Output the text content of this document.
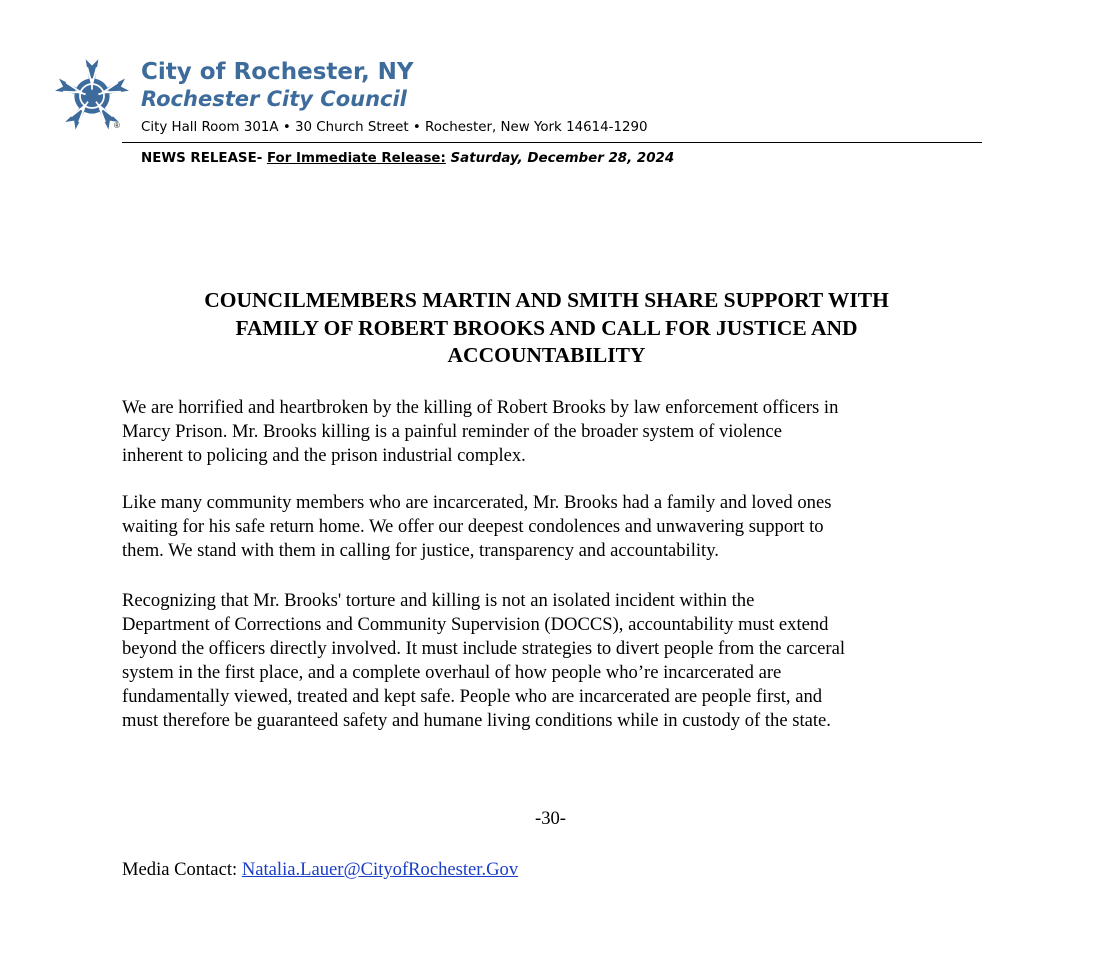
®
City of Rochester, NY
Rochester City Council
City Hall Room 301A • 30 Church Street • Rochester, New York 14614-1290
NEWS RELEASE- For Immediate Release: Saturday, December 28, 2024
COUNCILMEMBERS MARTIN AND SMITH SHARE SUPPORT WITH
FAMILY OF ROBERT BROOKS AND CALL FOR JUSTICE AND
ACCOUNTABILITY
We are horrified and heartbroken by the killing of Robert Brooks by law enforcement officers in
Marcy Prison. Mr. Brooks killing is a painful reminder of the broader system of violence
inherent to policing and the prison industrial complex.
Like many community members who are incarcerated, Mr. Brooks had a family and loved ones
waiting for his safe return home. We offer our deepest condolences and unwavering support to
them. We stand with them in calling for justice, transparency and accountability.
Recognizing that Mr. Brooks' torture and killing is not an isolated incident within the
Department of Corrections and Community Supervision (DOCCS), accountability must extend
beyond the officers directly involved. It must include strategies to divert people from the carceral
system in the first place, and a complete overhaul of how people who’re incarcerated are
fundamentally viewed, treated and kept safe. People who are incarcerated are people first, and
must therefore be guaranteed safety and humane living conditions while in custody of the state.
-30-
Media Contact: Natalia.Lauer@CityofRochester.Gov
